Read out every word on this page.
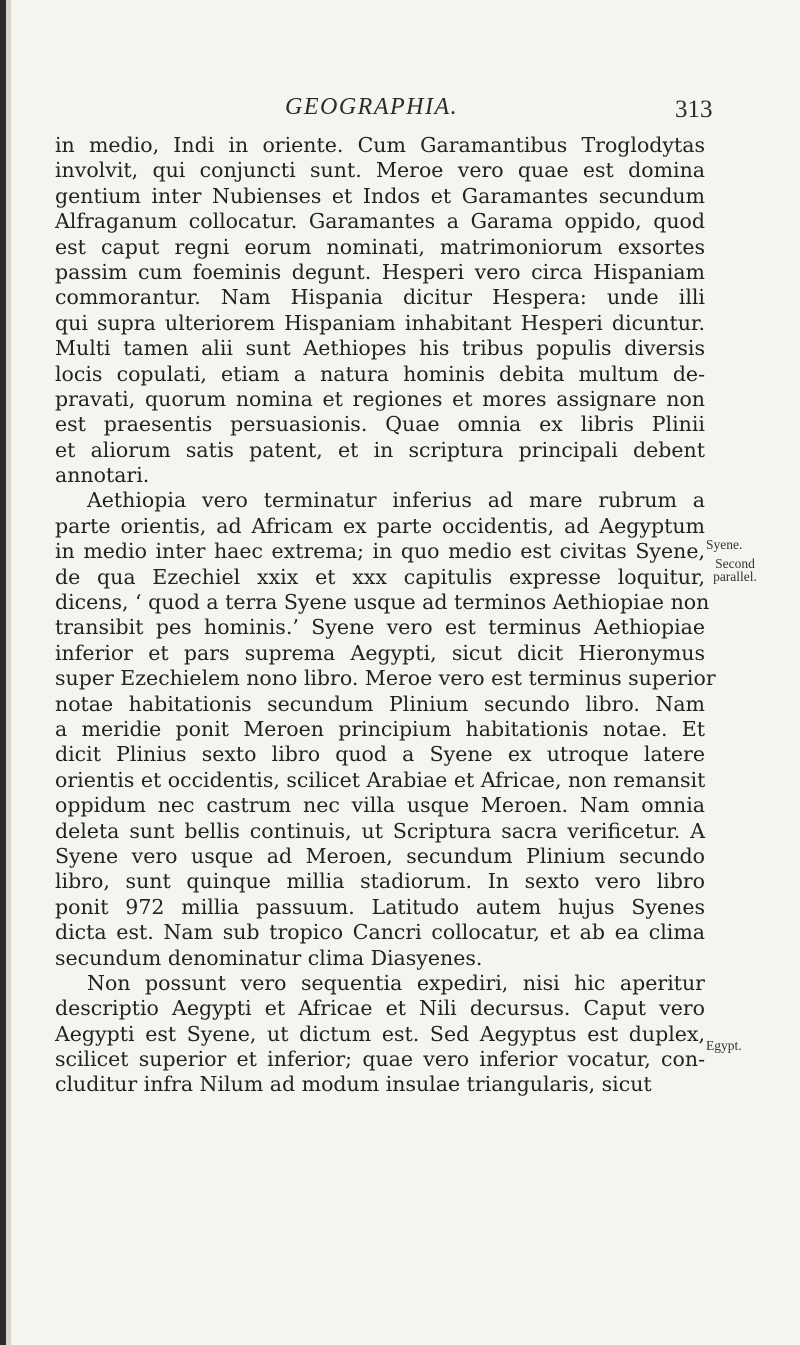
GEOGRAPHIA.	313
in medio, Indi in oriente. Cum Garamantibus Troglodytas
involvit, qui conjuncti sunt. Meroe vero quae est domina
gentium inter Nubienses et Indos et Garamantes secundum
Alfraganum collocatur. Garamantes a Garama oppido, quod
est caput regni eorum nominati, matrimoniorum exsortes
passim cum foeminis degunt. Hesperi vero circa Hispaniam
commorantur. Nam Hispania dicitur Hespera: unde illi
qui supra ulteriorem Hispaniam inhabitant Hesperi dicuntur.
Multi tamen alii sunt Aethiopes his tribus populis diversis
locis copulati, etiam a natura hominis debita multum de-
pravati, quorum nomina et regiones et mores assignare non
est praesentis persuasionis. Quae omnia ex libris Plinii
et aliorum satis patent, et in scriptura principali debent
annotari.
Aethiopia vero terminatur inferius ad mare rubrum a
parte orientis, ad Africam ex parte occidentis, ad Aegyptum
in medio inter haec extrema; in quo medio est civitas Syene,
de qua Ezechiel xxix et xxx capitulis expresse loquitur,
dicens, ‘ quod a terra Syene usque ad terminos Aethiopiae non
transibit pes hominis.’ Syene vero est terminus Aethiopiae
inferior et pars suprema Aegypti, sicut dicit Hieronymus
super Ezechielem nono libro. Meroe vero est terminus superior
notae habitationis secundum Plinium secundo libro. Nam
a meridie ponit Meroen principium habitationis notae. Et
dicit Plinius sexto libro quod a Syene ex utroque latere
orientis et occidentis, scilicet Arabiae et Africae, non remansit
oppidum nec castrum nec villa usque Meroen. Nam omnia
deleta sunt bellis continuis, ut Scriptura sacra verificetur. A
Syene vero usque ad Meroen, secundum Plinium secundo
libro, sunt quinque millia stadiorum. In sexto vero libro
ponit 972 millia passuum. Latitudo autem hujus Syenes
dicta est. Nam sub tropico Cancri collocatur, et ab ea clima
secundum denominatur clima Diasyenes.
Non possunt vero sequentia expediri, nisi hic aperitur
descriptio Aegypti et Africae et Nili decursus. Caput vero
Aegypti est Syene, ut dictum est. Sed Aegyptus est duplex,
scilicet superior et inferior; quae vero inferior vocatur, con-
cluditur infra Nilum ad modum insulae triangularis, sicut
Syene.
Second
parallel.
Egypt.
